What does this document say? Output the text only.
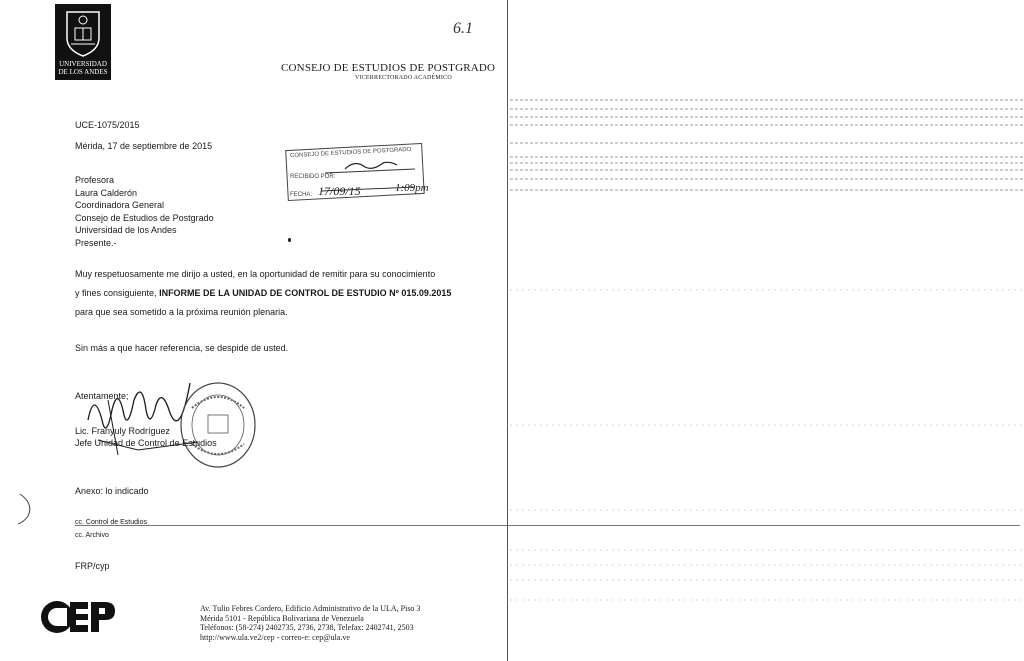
UNIVERSIDAD
DE LOS ANDES	CONSEJO DE ESTUDIOS DE POSTGRADO
VICERRECTORADO ACADÉMICO
6.1
CONSEJO DE ESTUDIOS DE POSTGRADO
RECIBIDO POR:
FECHA: 17/09/15	1:09pm
UCE-1075/2015
Mérida, 17 de septiembre de 2015
Profesora
Laura Calderón
Coordinadora General
Consejo de Estudios de Postgrado
Universidad de los Andes
Presente.-
Muy respetuosamente me dirijo a usted, en la oportunidad de remitir para su conocimiento
y fines consiguiente, INFORME DE LA UNIDAD DE CONTROL DE ESTUDIO Nº 015.09.2015
para que sea sometido a la próxima reunión plenaria.
Sin más a que hacer referencia, se despide de usted.
Atentamente;
Lic. Franyuly Rodríguez
Jefe Unidad de Control de Estudios
Anexo: lo indicado
cc. Control de Estudios
cc. Archivo
FRP/cyp
Av. Tulio Febres Cordero, Edificio Administrativo de la ULA, Piso 3
Mérida 5101 - República Bolivariana de Venezuela
Teléfonos: (58-274) 2402735, 2736, 2738, Telefax: 2402741, 2503
http://www.ula.ve2/cep - correo-e: cep@ula.ve
